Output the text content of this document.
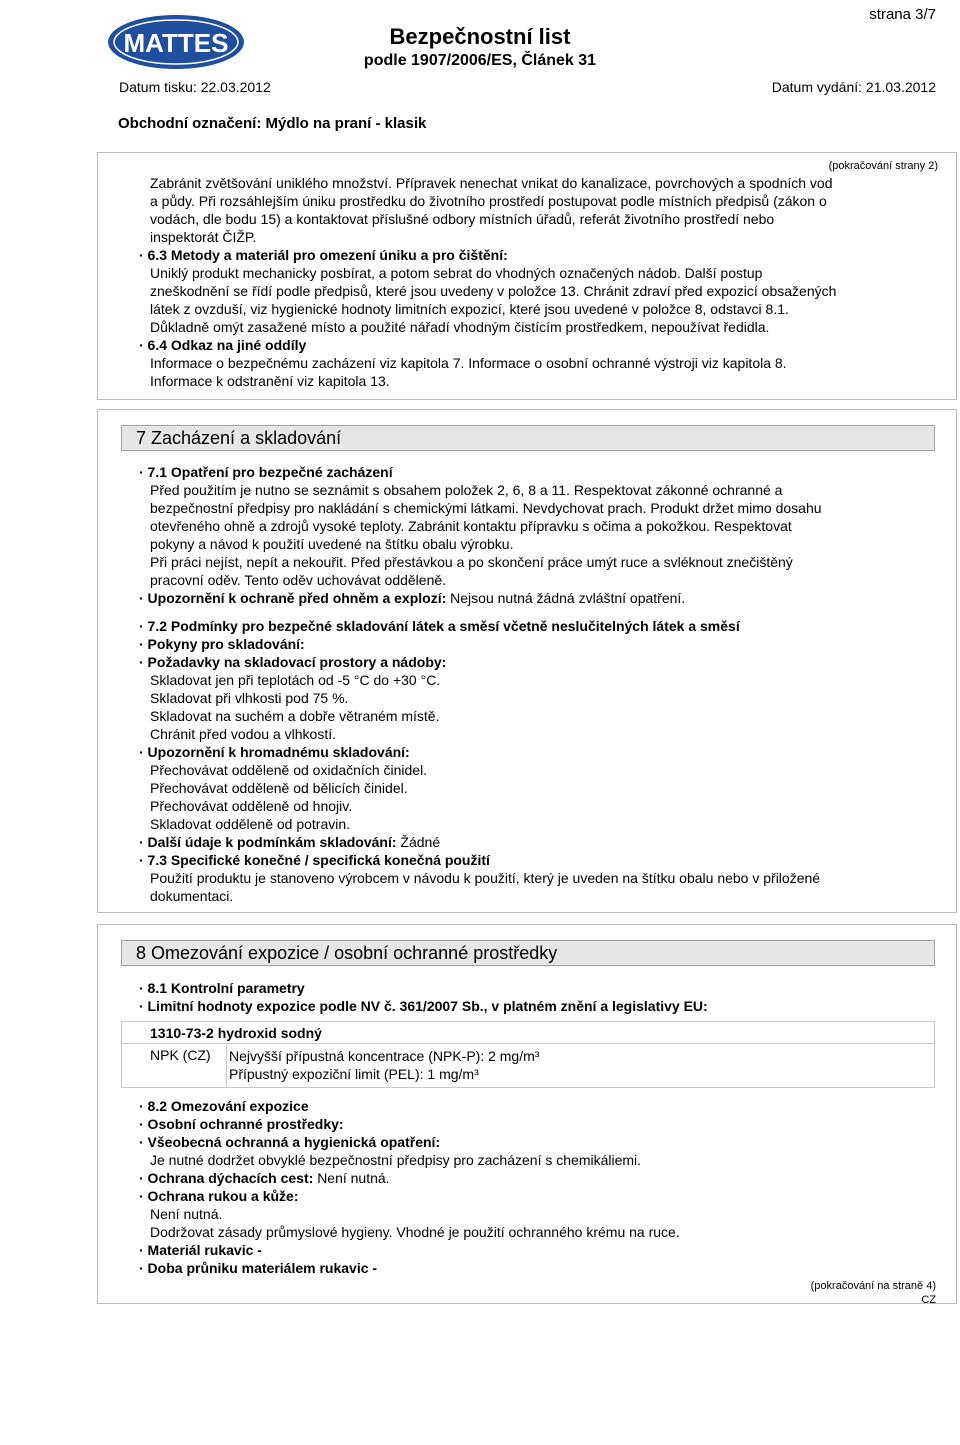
MATTES	Bezpečnostní list
podle 1907/2006/ES, Článek 31
strana 3/7
Datum tisku: 22.03.2012	Datum vydání: 21.03.2012
Obchodní označení: Mýdlo na praní - klasik
(pokračování strany 2)
Zabránit zvětšování uniklého množství. Přípravek nenechat vnikat do kanalizace, povrchových a spodních vod
a půdy. Při rozsáhlejším úniku prostředku do životního prostředí postupovat podle místních předpisů (zákon o
vodách, dle bodu 15) a kontaktovat příslušné odbory místních úřadů, referát životního prostředí nebo
inspektorát ČIŽP.
· 6.3 Metody a materiál pro omezení úniku a pro čištění:
Uniklý produkt mechanicky posbírat, a potom sebrat do vhodných označených nádob. Další postup
zneškodnění se řídí podle předpisů, které jsou uvedeny v položce 13. Chránit zdraví před expozicí obsažených
látek z ovzduší, viz hygienické hodnoty limitních expozicí, které jsou uvedené v položce 8, odstavci 8.1.
Důkladně omýt zasažené místo a použité nářadí vhodným čistícím prostředkem, nepoužívat ředidla.
· 6.4 Odkaz na jiné oddíly
Informace o bezpečnému zacházení viz kapitola 7. Informace o osobní ochranné výstroji viz kapitola 8.
Informace k odstranění viz kapitola 13.
7 Zacházení a skladování
· 7.1 Opatření pro bezpečné zacházení
Před použitím je nutno se seznámit s obsahem položek 2, 6, 8 a 11. Respektovat zákonné ochranné a
bezpečnostní předpisy pro nakládání s chemickými látkami. Nevdychovat prach. Produkt držet mimo dosahu
otevřeného ohně a zdrojů vysoké teploty. Zabránit kontaktu přípravku s očima a pokožkou. Respektovat
pokyny a návod k použití uvedené na štítku obalu výrobku.
Při práci nejíst, nepít a nekouřit. Před přestávkou a po skončení práce umýt ruce a svléknout znečištěný
pracovní oděv. Tento oděv uchovávat odděleně.
· Upozornění k ochraně před ohněm a explozí: Nejsou nutná žádná zvláštní opatření.
· 7.2 Podmínky pro bezpečné skladování látek a směsí včetně neslučitelných látek a směsí
· Pokyny pro skladování:
· Požadavky na skladovací prostory a nádoby:
Skladovat jen při teplotách od -5 °C do +30 °C.
Skladovat při vlhkosti pod 75 %.
Skladovat na suchém a dobře větraném místě.
Chránit před vodou a vlhkostí.
· Upozornění k hromadnému skladování:
Přechovávat odděleně od oxidačních činidel.
Přechovávat odděleně od bělicích činidel.
Přechovávat odděleně od hnojiv.
Skladovat odděleně od potravin.
· Další údaje k podmínkám skladování: Žádné
· 7.3 Specifické konečné / specifická konečná použití
Použití produktu je stanoveno výrobcem v návodu k použití, který je uveden na štítku obalu nebo v přiložené
dokumentaci.
8 Omezování expozice / osobní ochranné prostředky
· 8.1 Kontrolní parametry
· Limitní hodnoty expozice podle NV č. 361/2007 Sb., v platném znění a legislativy EU:
1310-73-2 hydroxid sodný
NPK (CZ) Nejvyšší přípustná koncentrace (NPK-P): 2 mg/m³
Přípustný expoziční limit (PEL): 1 mg/m³
· 8.2 Omezování expozice
· Osobní ochranné prostředky:
· Všeobecná ochranná a hygienická opatření:
Je nutné dodržet obvyklé bezpečnostní předpisy pro zacházení s chemikáliemi.
· Ochrana dýchacích cest: Není nutná.
· Ochrana rukou a kůže:
Není nutná.
Dodržovat zásady průmyslové hygieny. Vhodné je použití ochranného krému na ruce.
· Materiál rukavic -
· Doba průniku materiálem rukavic -
(pokračování na straně 4)
CZ
